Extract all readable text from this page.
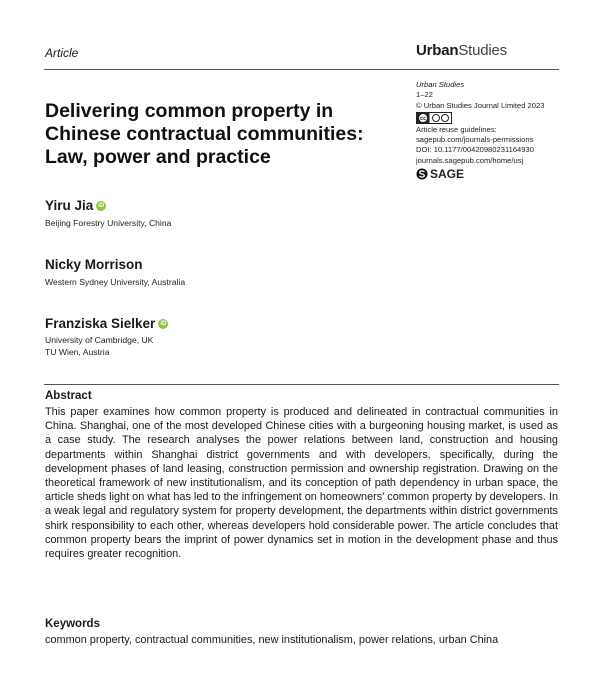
Article	UrbanStudies
Urban Studies
1–22
© Urban Studies Journal Limited 2023
cc
Article reuse guidelines:
sagepub.com/journals-permissions
DOI: 10.1177/00420980231164930
journals.sagepub.com/home/usj
SAGE
Delivering common property in
Chinese contractual communities:
Law, power and practice
Yiru Jia iD
Beijing Forestry University, China
Nicky Morrison
Western Sydney University, Australia
Franziska Sielker iD
University of Cambridge, UK
TU Wien, Austria
Abstract
This paper examines how common property is produced and delineated in contractual communities in China. Shanghai, one of the most developed Chinese cities with a burgeoning housing market, is used as a case study. The research analyses the power relations between land, construction and housing departments within Shanghai district governments and with developers, specifically, during the development phases of land leasing, construction permission and ownership registration. Drawing on the theoretical framework of new institutionalism, and its conception of path dependency in urban space, the article sheds light on what has led to the infringement on homeowners' common property by developers. In a weak legal and regulatory system for property development, the departments within district governments shirk responsibility to each other, whereas developers hold considerable power. The article concludes that common property bears the imprint of power dynamics set in motion in the development phase and thus requires greater recognition.
Keywords
common property, contractual communities, new institutionalism, power relations, urban China
